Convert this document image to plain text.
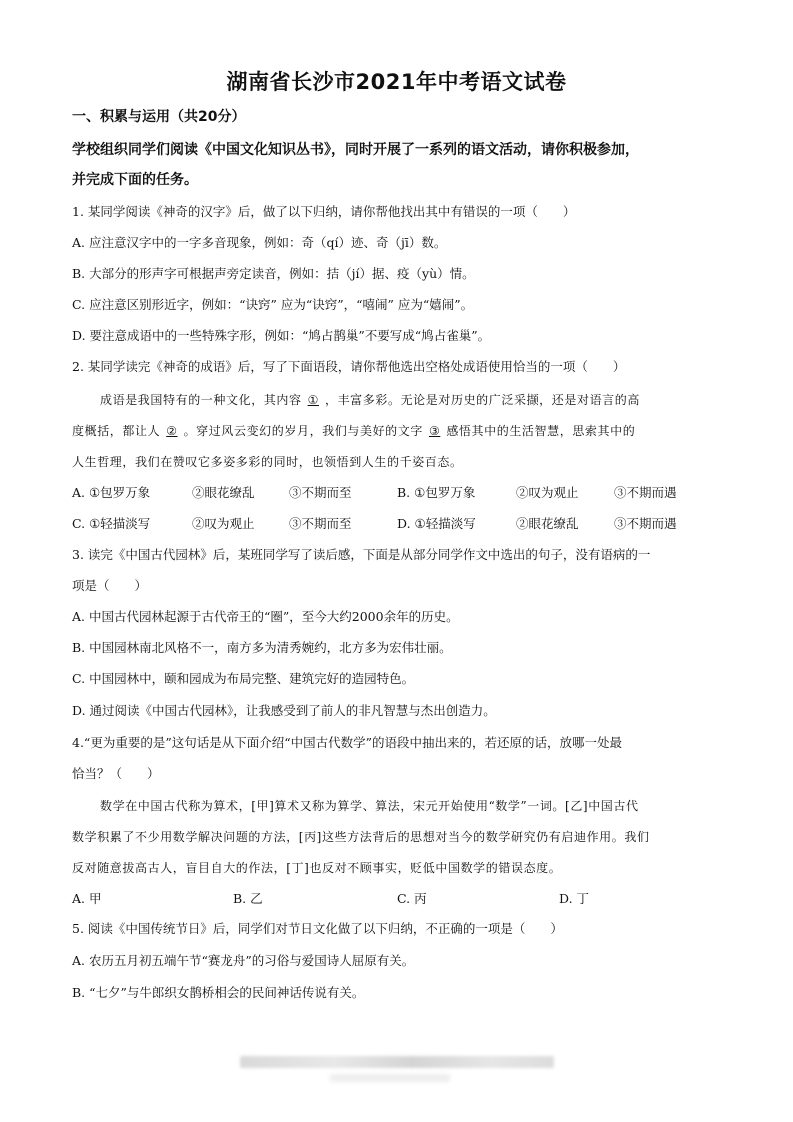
湖南省长沙市2021年中考语文试卷
一、积累与运用（共20分）
学校组织同学们阅读《中国文化知识丛书》，同时开展了一系列的语文活动，请你积极参加，
并完成下面的任务。
1. 某同学阅读《神奇的汉字》后，做了以下归纳，请你帮他找出其中有错误的一项（　　）
A. 应注意汉字中的一字多音现象，例如：奇（qí）迹、奇（jī）数。
B. 大部分的形声字可根据声旁定读音，例如：拮（jí）据、疫（yù）情。
C. 应注意区别形近字，例如：“诀窍” 应为“诀窍”，“嘻闹” 应为“嬉闹”。
D. 要注意成语中的一些特殊字形，例如：“鸠占鹊巢”不要写成“鸠占雀巢”。
2. 某同学读完《神奇的成语》后，写了下面语段，请你帮他选出空格处成语使用恰当的一项（　　）
成语是我国特有的一种文化，其内容 ① ，丰富多彩。无论是对历史的广泛采撷，还是对语言的高
度概括，都让人 ② 。穿过风云变幻的岁月，我们与美好的文字 ③ 感悟其中的生活智慧，思索其中的
人生哲理，我们在赞叹它多姿多彩的同时，也领悟到人生的千姿百态。
A. ①包罗万象	②眼花缭乱	③不期而至	B. ①包罗万象	②叹为观止	③不期而遇
C. ①轻描淡写	②叹为观止	③不期而至	D. ①轻描淡写	②眼花缭乱	③不期而遇
3. 读完《中国古代园林》后，某班同学写了读后感，下面是从部分同学作文中选出的句子，没有语病的一
项是（　　）
A. 中国古代园林起源于古代帝王的“圈”，至今大约2000余年的历史。
B. 中国园林南北风格不一，南方多为清秀婉约，北方多为宏伟壮丽。
C. 中国园林中，颐和园成为布局完整、建筑完好的造园特色。
D. 通过阅读《中国古代园林》，让我感受到了前人的非凡智慧与杰出创造力。
4.“更为重要的是”这句话是从下面介绍“中国古代数学”的语段中抽出来的，若还原的话，放哪一处最
恰当？（　　）
数学在中国古代称为算术，[甲]算术又称为算学、算法，宋元开始使用“数学”一词。[乙]中国古代
数学积累了不少用数学解决问题的方法，[丙]这些方法背后的思想对当今的数学研究仍有启迪作用。我们
反对随意拔高古人，盲目自大的作法，[丁]也反对不顾事实，贬低中国数学的错误态度。
A. 甲	B. 乙	C. 丙	D. 丁
5. 阅读《中国传统节日》后，同学们对节日文化做了以下归纳，不正确的一项是（　　）
A. 农历五月初五端午节“赛龙舟”的习俗与爱国诗人屈原有关。
B. “七夕”与牛郎织女鹊桥相会的民间神话传说有关。
